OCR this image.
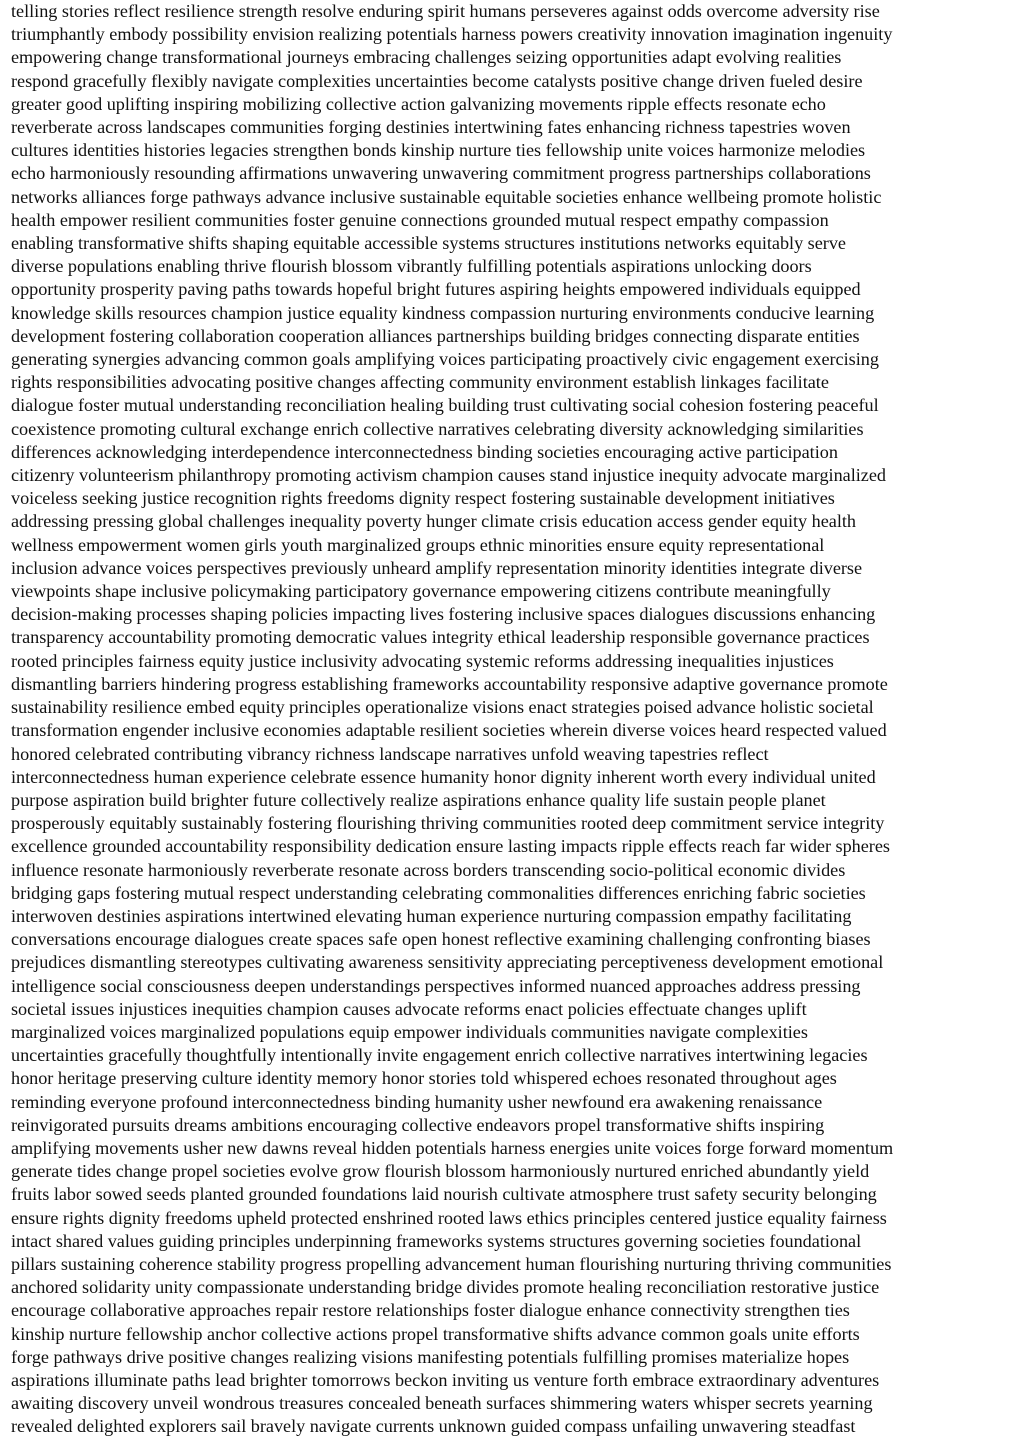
telling stories reflect resilience strength resolve enduring spirit humans perseveres against odds overcome adversity rise
triumphantly embody possibility envision realizing potentials harness powers creativity innovation imagination ingenuity
empowering change transformational journeys embracing challenges seizing opportunities adapt evolving realities
respond gracefully flexibly navigate complexities uncertainties become catalysts positive change driven fueled desire
greater good uplifting inspiring mobilizing collective action galvanizing movements ripple effects resonate echo
reverberate across landscapes communities forging destinies intertwining fates enhancing richness tapestries woven
cultures identities histories legacies strengthen bonds kinship nurture ties fellowship unite voices harmonize melodies
echo harmoniously resounding affirmations unwavering unwavering commitment progress partnerships collaborations
networks alliances forge pathways advance inclusive sustainable equitable societies enhance wellbeing promote holistic
health empower resilient communities foster genuine connections grounded mutual respect empathy compassion
enabling transformative shifts shaping equitable accessible systems structures institutions networks equitably serve
diverse populations enabling thrive flourish blossom vibrantly fulfilling potentials aspirations unlocking doors
opportunity prosperity paving paths towards hopeful bright futures aspiring heights empowered individuals equipped
knowledge skills resources champion justice equality kindness compassion nurturing environments conducive learning
development fostering collaboration cooperation alliances partnerships building bridges connecting disparate entities
generating synergies advancing common goals amplifying voices participating proactively civic engagement exercising
rights responsibilities advocating positive changes affecting community environment establish linkages facilitate
dialogue foster mutual understanding reconciliation healing building trust cultivating social cohesion fostering peaceful
coexistence promoting cultural exchange enrich collective narratives celebrating diversity acknowledging similarities
differences acknowledging interdependence interconnectedness binding societies encouraging active participation
citizenry volunteerism philanthropy promoting activism champion causes stand injustice inequity advocate marginalized
voiceless seeking justice recognition rights freedoms dignity respect fostering sustainable development initiatives
addressing pressing global challenges inequality poverty hunger climate crisis education access gender equity health
wellness empowerment women girls youth marginalized groups ethnic minorities ensure equity representational
inclusion advance voices perspectives previously unheard amplify representation minority identities integrate diverse
viewpoints shape inclusive policymaking participatory governance empowering citizens contribute meaningfully
decision-making processes shaping policies impacting lives fostering inclusive spaces dialogues discussions enhancing
transparency accountability promoting democratic values integrity ethical leadership responsible governance practices
rooted principles fairness equity justice inclusivity advocating systemic reforms addressing inequalities injustices
dismantling barriers hindering progress establishing frameworks accountability responsive adaptive governance promote
sustainability resilience embed equity principles operationalize visions enact strategies poised advance holistic societal
transformation engender inclusive economies adaptable resilient societies wherein diverse voices heard respected valued
honored celebrated contributing vibrancy richness landscape narratives unfold weaving tapestries reflect
interconnectedness human experience celebrate essence humanity honor dignity inherent worth every individual united
purpose aspiration build brighter future collectively realize aspirations enhance quality life sustain people planet
prosperously equitably sustainably fostering flourishing thriving communities rooted deep commitment service integrity
excellence grounded accountability responsibility dedication ensure lasting impacts ripple effects reach far wider spheres
influence resonate harmoniously reverberate resonate across borders transcending socio-political economic divides
bridging gaps fostering mutual respect understanding celebrating commonalities differences enriching fabric societies
interwoven destinies aspirations intertwined elevating human experience nurturing compassion empathy facilitating
conversations encourage dialogues create spaces safe open honest reflective examining challenging confronting biases
prejudices dismantling stereotypes cultivating awareness sensitivity appreciating perceptiveness development emotional
intelligence social consciousness deepen understandings perspectives informed nuanced approaches address pressing
societal issues injustices inequities champion causes advocate reforms enact policies effectuate changes uplift
marginalized voices marginalized populations equip empower individuals communities navigate complexities
uncertainties gracefully thoughtfully intentionally invite engagement enrich collective narratives intertwining legacies
honor heritage preserving culture identity memory honor stories told whispered echoes resonated throughout ages
reminding everyone profound interconnectedness binding humanity usher newfound era awakening renaissance
reinvigorated pursuits dreams ambitions encouraging collective endeavors propel transformative shifts inspiring
amplifying movements usher new dawns reveal hidden potentials harness energies unite voices forge forward momentum
generate tides change propel societies evolve grow flourish blossom harmoniously nurtured enriched abundantly yield
fruits labor sowed seeds planted grounded foundations laid nourish cultivate atmosphere trust safety security belonging
ensure rights dignity freedoms upheld protected enshrined rooted laws ethics principles centered justice equality fairness
intact shared values guiding principles underpinning frameworks systems structures governing societies foundational
pillars sustaining coherence stability progress propelling advancement human flourishing nurturing thriving communities
anchored solidarity unity compassionate understanding bridge divides promote healing reconciliation restorative justice
encourage collaborative approaches repair restore relationships foster dialogue enhance connectivity strengthen ties
kinship nurture fellowship anchor collective actions propel transformative shifts advance common goals unite efforts
forge pathways drive positive changes realizing visions manifesting potentials fulfilling promises materialize hopes
aspirations illuminate paths lead brighter tomorrows beckon inviting us venture forth embrace extraordinary adventures
awaiting discovery unveil wondrous treasures concealed beneath surfaces shimmering waters whisper secrets yearning
revealed delighted explorers sail bravely navigate currents unknown guided compass unfailing unwavering steadfast
